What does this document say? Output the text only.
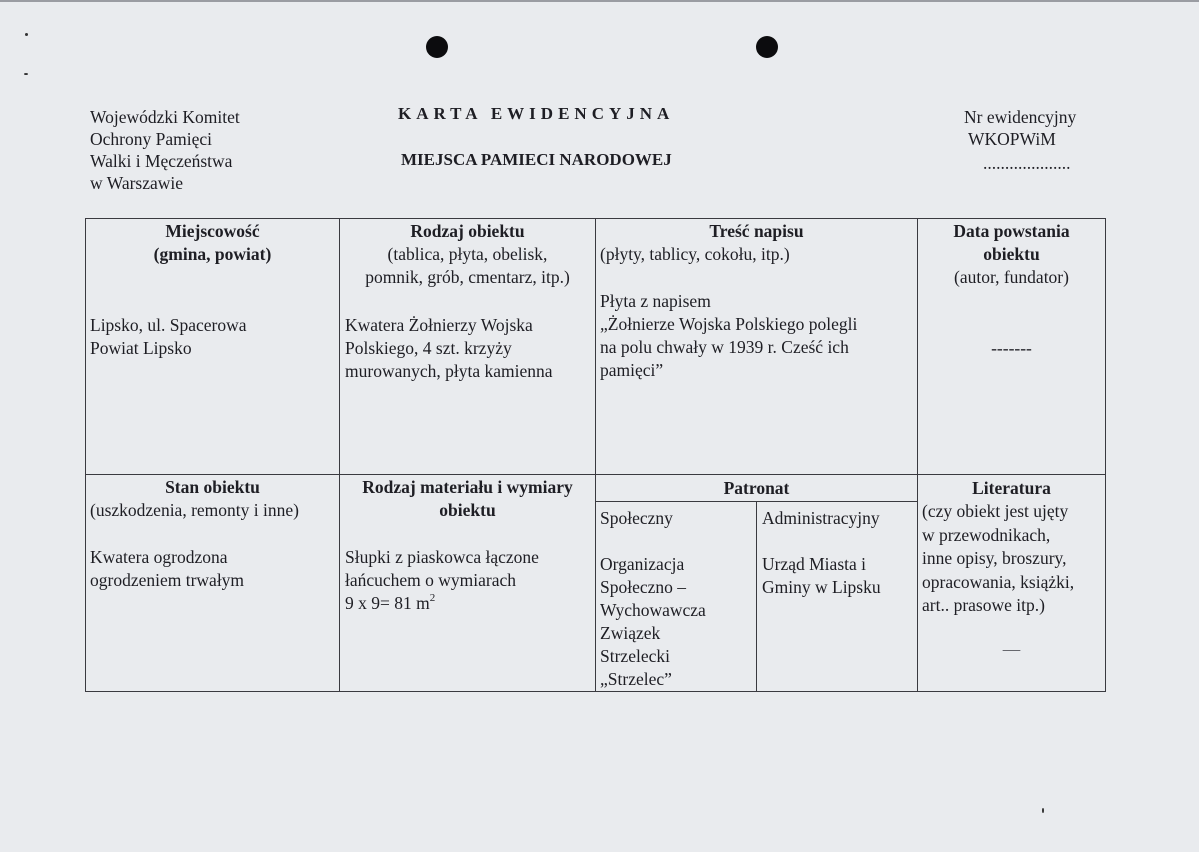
Wojewódzki Komitet
Ochrony Pamięci
Walki i Męczeństwa
w Warszawie
KARTA EWIDENCYJNA
MIEJSCA PAMIECI NARODOWEJ
Nr ewidencyjny
WKOPWiM
....................
Miejscowość
(gmina, powiat)
Lipsko, ul. Spacerowa
Powiat Lipsko
Rodzaj obiektu
(tablica, płyta, obelisk,
pomnik, grób, cmentarz, itp.)
Kwatera Żołnierzy Wojska
Polskiego, 4 szt. krzyży
murowanych, płyta kamienna
Treść napisu
(płyty, tablicy, cokołu, itp.)
Płyta z napisem
„Żołnierze Wojska Polskiego polegli
na polu chwały w 1939 r. Cześć ich
pamięci”
Data powstania
obiektu
(autor, fundator)
-------
Stan obiektu
(uszkodzenia, remonty i inne)
Kwatera ogrodzona
ogrodzeniem trwałym
Rodzaj materiału i wymiary
obiektu
Słupki z piaskowca łączone
łańcuchem o wymiarach
9 x 9= 81 $m^2$
Patronat
Społeczny	Administracyjny
Organizacja
Społeczno –
Wychowawcza
Związek
Strzelecki
„Strzelec”
Urząd Miasta i
Gminy w Lipsku
Literatura
(czy obiekt jest ujęty
w przewodnikach,
inne opisy, broszury,
opracowania, książki,
art.. prasowe itp.)
—
